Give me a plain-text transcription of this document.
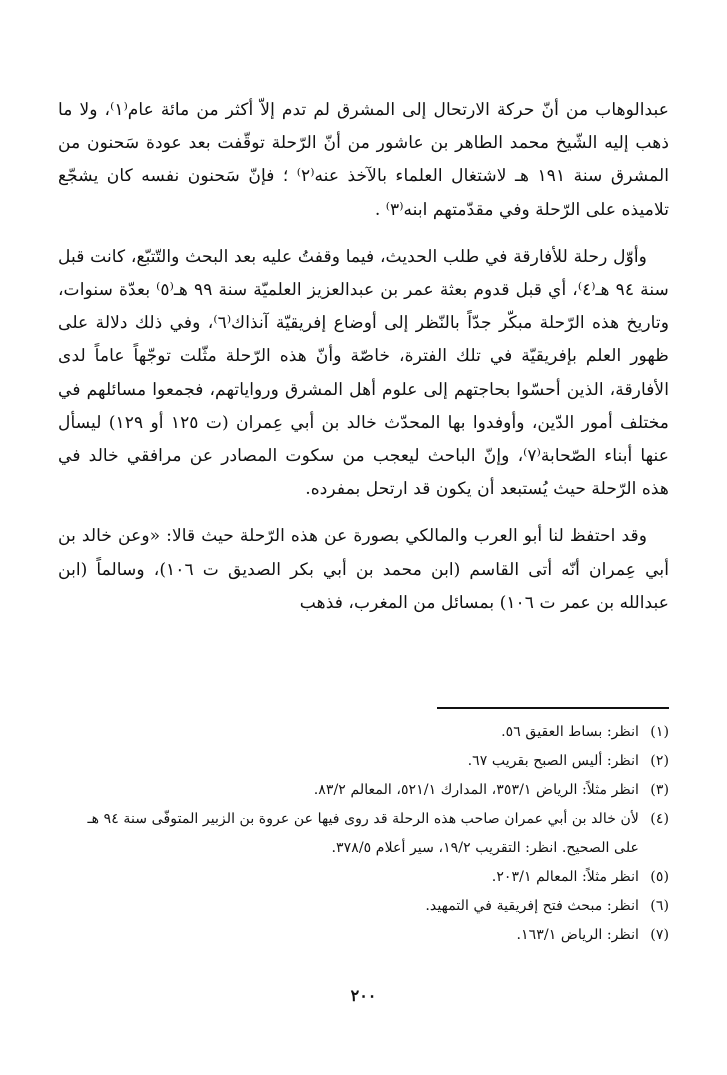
عبدالوهاب من أنّ حركة الارتحال إلى المشرق لم تدم إلاّ أكثر من مائة عام⁽١⁾، ولا ما ذهب إليه الشّيخ محمد الطاهر بن عاشور من أنّ الرّحلة توقّفت بعد عودة سَحنون من المشرق سنة ١٩١ هـ لاشتغال العلماء بالآخذ عنه⁽٢⁾ ؛ فإنّ سَحنون نفسه كان يشجّع تلاميذه على الرّحلة وفي مقدّمتهم ابنه⁽٣⁾ .

وأوّل رحلة للأفارقة في طلب الحديث، فيما وقفتُ عليه بعد البحث والتّتبّع، كانت قبل سنة ٩٤ هـ⁽٤⁾، أي قبل قدوم بعثة عمر بن عبدالعزيز العلميّة سنة ٩٩ هـ⁽٥⁾ بعدّة سنوات، وتاريخ هذه الرّحلة مبكّر جدّاً بالنّظر إلى أوضاع إفريقيّة آنذاك⁽٦⁾، وفي ذلك دلالة على ظهور العلم بإفريقيّة في تلك الفترة، خاصّة وأنّ هذه الرّحلة مثّلت توجّهاً عاماً لدى الأفارقة، الذين أحسّوا بحاجتهم إلى علوم أهل المشرق ورواياتهم، فجمعوا مسائلهم في مختلف أمور الدّين، وأوفدوا بها المحدّث خالد بن أبي عِمران (ت ١٢٥ أو ١٢٩) ليسأل عنها أبناء الصّحابة⁽٧⁾، وإنّ الباحث ليعجب من سكوت المصادر عن مرافقي خالد في هذه الرّحلة حيث يُستبعد أن يكون قد ارتحل بمفرده.

وقد احتفظ لنا أبو العرب والمالكي بصورة عن هذه الرّحلة حيث قالا: «وعن خالد بن أبي عِمران أنّه أتى القاسم (ابن محمد بن أبي بكر الصديق ت ١٠٦)، وسالماً (ابن عبدالله بن عمر ت ١٠٦) بمسائل من المغرب، فذهب

(١)
انظر: بساط العقيق ٥٦.

(٢)
انظر: أليس الصبح بقريب ٦٧.

(٣)
انظر مثلاً: الرياض ٣٥٣/١، المدارك ٥٢١/١، المعالم ٨٣/٢.

(٤)
لأن خالد بن أبي عمران صاحب هذه الرحلة قد روى فيها عن عروة بن الزبير المتوفّى سنة ٩٤ هـ على الصحيح. انظر: التقريب ١٩/٢، سير أعلام ٣٧٨/٥.

(٥)
انظر مثلاً: المعالم ٢٠٣/١.

(٦)
انظر: مبحث فتح إفريقية في التمهيد.

(٧)
انظر: الرياض ١٦٣/١.

٢٠٠
